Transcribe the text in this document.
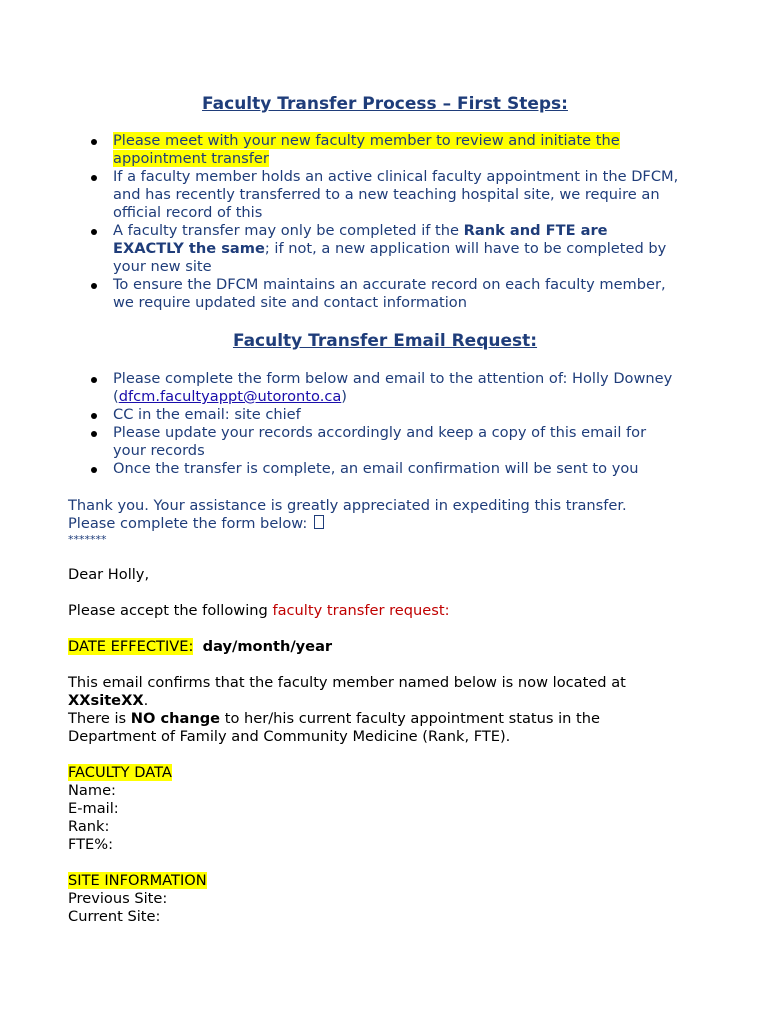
Faculty Transfer Process – First Steps:
Please meet with your new faculty member to review and initiate the
appointment transfer
If a faculty member holds an active clinical faculty appointment in the DFCM,
and has recently transferred to a new teaching hospital site, we require an
official record of this
A faculty transfer may only be completed if the Rank and FTE are
EXACTLY the same; if not, a new application will have to be completed by
your new site
To ensure the DFCM maintains an accurate record on each faculty member,
we require updated site and contact information
Faculty Transfer Email Request:
Please complete the form below and email to the attention of: Holly Downey
(dfcm.facultyappt@utoronto.ca)
CC in the email: site chief
Please update your records accordingly and keep a copy of this email for
your records
Once the transfer is complete, an email confirmation will be sent to you
Thank you. Your assistance is greatly appreciated in expediting this transfer.
Please complete the form below:
*******
Dear Holly,
Please accept the following faculty transfer request:
DATE EFFECTIVE: day/month/year
This email confirms that the faculty member named below is now located at
XXsiteXX.
There is NO change to her/his current faculty appointment status in the
Department of Family and Community Medicine (Rank, FTE).
FACULTY DATA
Name:
E-mail:
Rank:
FTE%:
SITE INFORMATION
Previous Site:
Current Site:
